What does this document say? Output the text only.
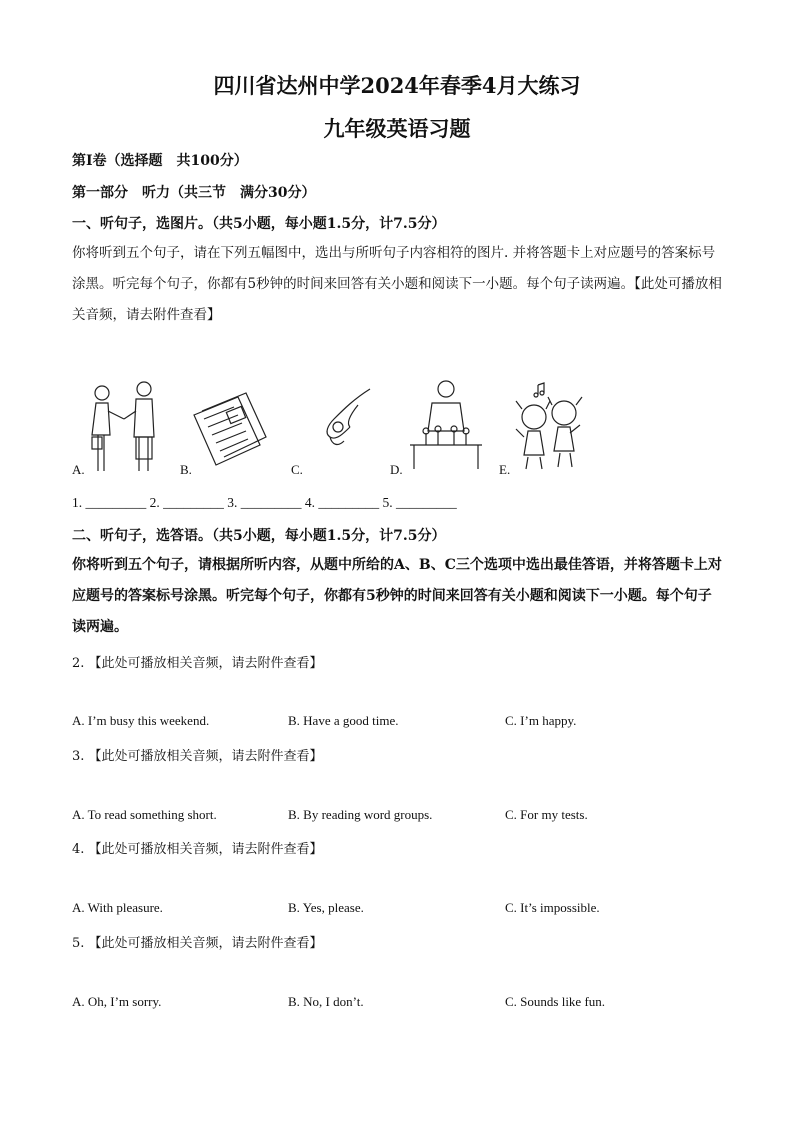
四川省达州中学2024年春季4月大练习
九年级英语习题
第Ⅰ卷（选择题　共100分）
第一部分　听力（共三节　满分30分）
一、听句子，选图片。（共5小题，每小题1.5分，计7.5分）
你将听到五个句子，请在下列五幅图中，选出与所听句子内容相符的图片. 并将答题卡上对应题号的答案标号涂黑。听完每个句子，你都有5秒钟的时间来回答有关小题和阅读下一小题。每个句子读两遍。【此处可播放相关音频，请去附件查看】
A.	B.	C.	D.	E.
1. _________ 2. _________ 3. _________ 4. _________ 5. _________
二、听句子，选答语。（共5小题，每小题1.5分，计7.5分）
你将听到五个句子，请根据所听内容，从题中所给的A、B、C三个选项中选出最佳答语，并将答题卡上对应题号的答案标号涂黑。听完每个句子，你都有5秒钟的时间来回答有关小题和阅读下一小题。每个句子读两遍。
2. 【此处可播放相关音频，请去附件查看】
A. I’m busy this weekend.	B. Have a good time.	C. I’m happy.
3. 【此处可播放相关音频，请去附件查看】
A. To read something short.	B. By reading word groups.	C. For my tests.
4. 【此处可播放相关音频，请去附件查看】
A. With pleasure.	B. Yes, please.	C. It’s impossible.
5. 【此处可播放相关音频，请去附件查看】
A. Oh, I’m sorry.	B. No, I don’t.	C. Sounds like fun.
